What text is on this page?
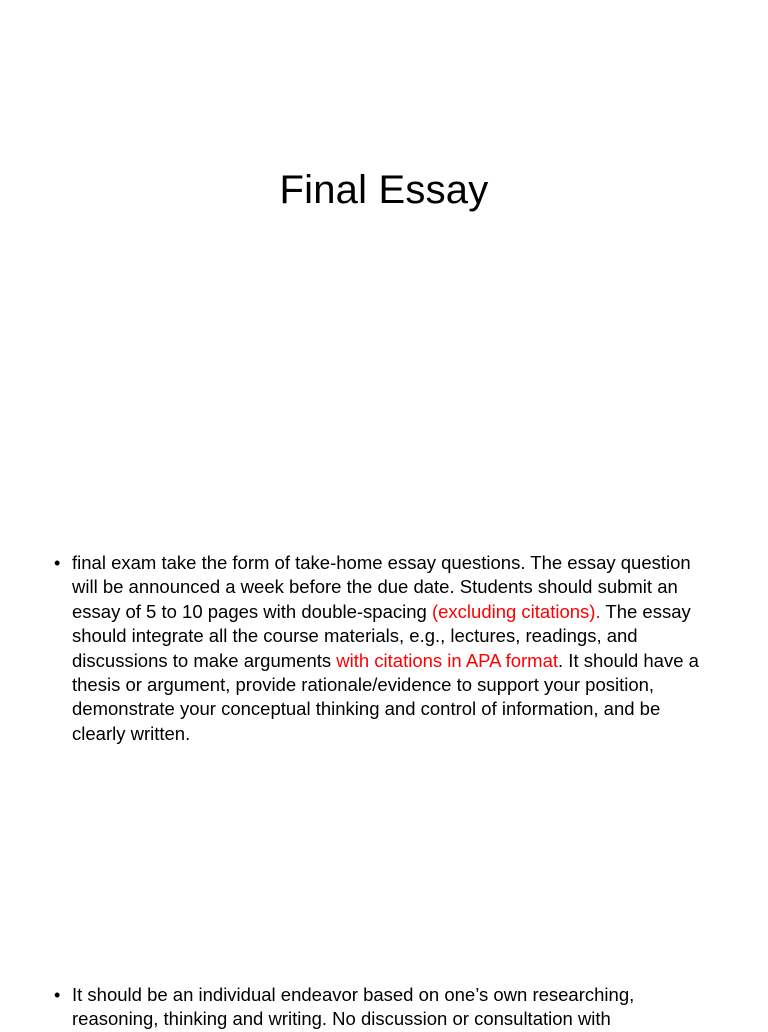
Final Essay
• final exam take the form of take-home essay questions. The essay question will be announced a week before the due date. Students should submit an essay of 5 to 10 pages with double-spacing (excluding citations). The essay should integrate all the course materials, e.g., lectures, readings, and discussions to make arguments with citations in APA format. It should have a thesis or argument, provide rationale/evidence to support your position, demonstrate your conceptual thinking and control of information, and be clearly written.
• It should be an individual endeavor based on one’s own researching, reasoning, thinking and writing. No discussion or consultation with
